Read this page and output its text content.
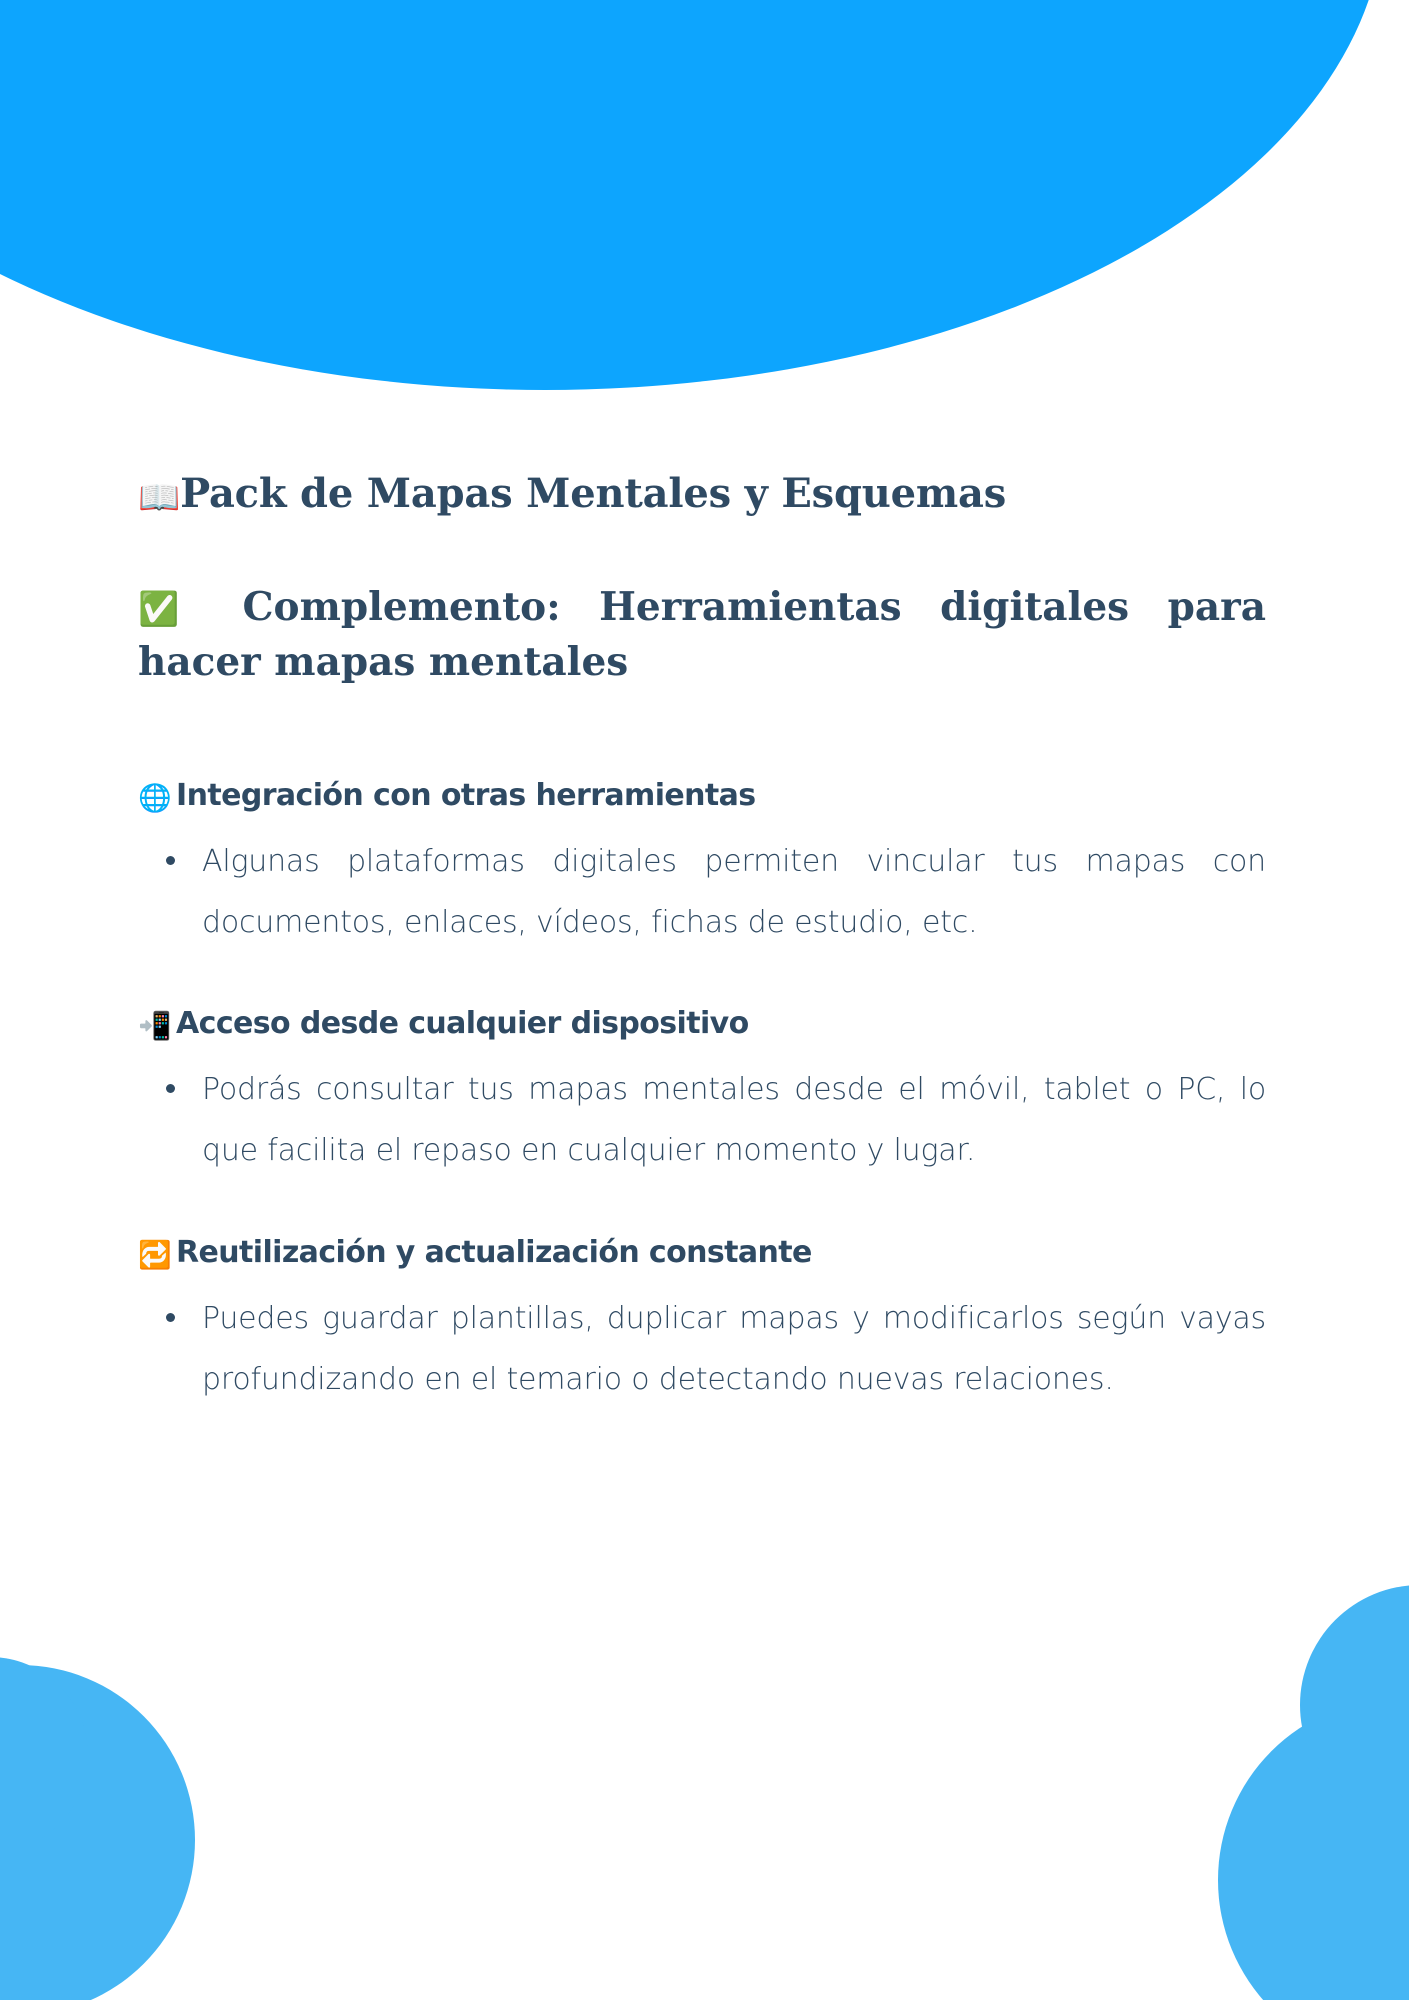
📖Pack de Mapas Mentales y Esquemas
✅ Complemento: Herramientas digitales para hacer mapas mentales
🌐 Integración con otras herramientas
Algunas plataformas digitales permiten vincular tus mapas con documentos, enlaces, vídeos, fichas de estudio, etc.
📲 Acceso desde cualquier dispositivo
Podrás consultar tus mapas mentales desde el móvil, tablet o PC, lo que facilita el repaso en cualquier momento y lugar.
🔁 Reutilización y actualización constante
Puedes guardar plantillas, duplicar mapas y modificarlos según vayas profundizando en el temario o detectando nuevas relaciones.
